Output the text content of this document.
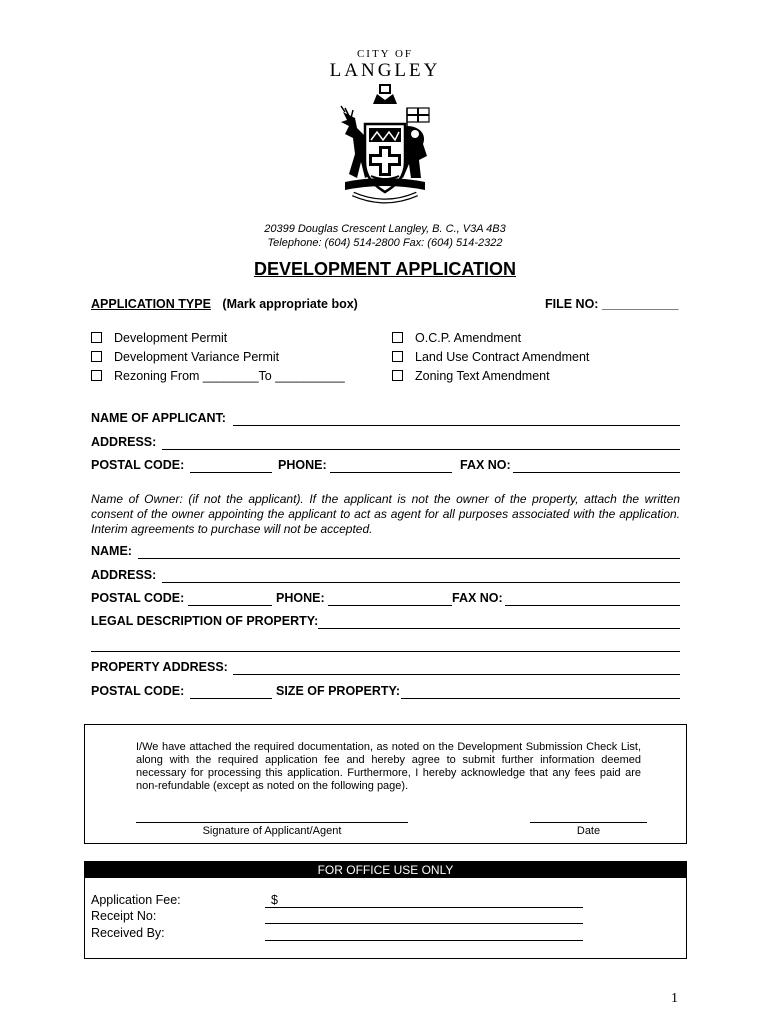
CITY OF
LANGLEY
20399 Douglas Crescent Langley, B. C., V3A 4B3
Telephone: (604) 514-2800 Fax: (604) 514-2322
DEVELOPMENT APPLICATION
APPLICATION TYPE (Mark appropriate box)	FILE NO: ___________
Development Permit
Development Variance Permit
Rezoning From ________To __________
O.C.P. Amendment
Land Use Contract Amendment
Zoning Text Amendment
NAME OF APPLICANT:
ADDRESS:
POSTAL CODE:	PHONE:	FAX NO:
Name of Owner: (if not the applicant). If the applicant is not the owner of the property, attach the written consent of the owner appointing the applicant to act as agent for all purposes associated with the application. Interim agreements to purchase will not be accepted.
NAME:
ADDRESS:
POSTAL CODE:	PHONE:	FAX NO:
LEGAL DESCRIPTION OF PROPERTY:
PROPERTY ADDRESS:
POSTAL CODE:	SIZE OF PROPERTY:
I/We have attached the required documentation, as noted on the Development Submission Check List, along with the required application fee and hereby agree to submit further information deemed necessary for processing this application. Furthermore, I hereby acknowledge that any fees paid are non-refundable (except as noted on the following page).
Signature of Applicant/Agent	Date
FOR OFFICE USE ONLY
Application Fee:	$
Receipt No:
Received By:
1
